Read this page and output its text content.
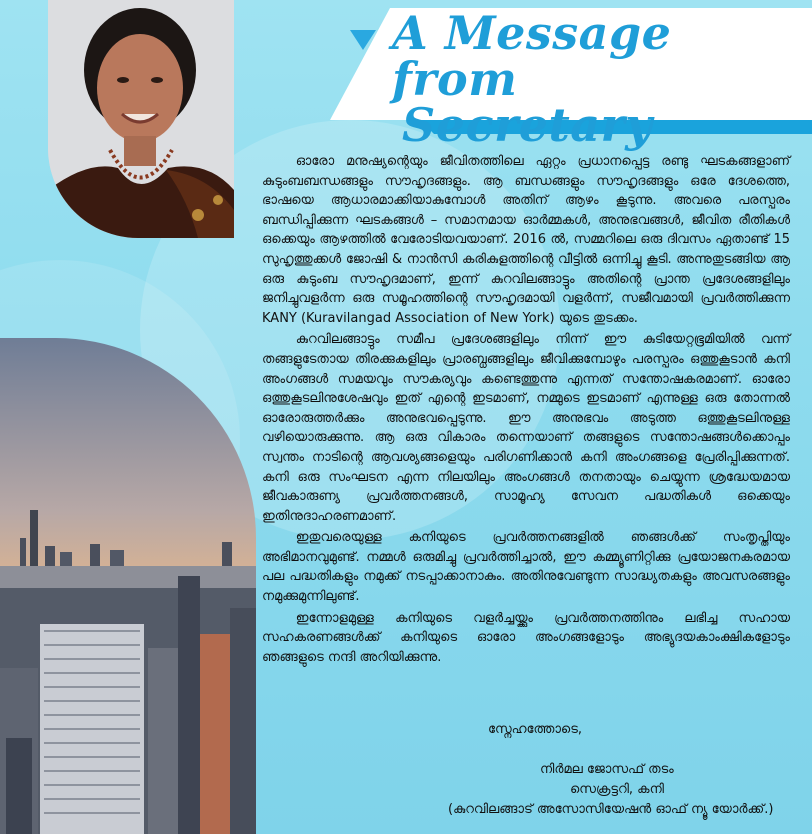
A Message from
Secretary

ഓരോ മനുഷ്യന്റെയും ജീവിതത്തിലെ ഏറ്റം പ്രധാനപ്പെട്ട രണ്ടു ഘടകങ്ങളാണ് കുടുംബബന്ധങ്ങളും സൗഹൃദങ്ങളും. ആ ബന്ധങ്ങളും സൗഹൃദങ്ങളും ഒരേ ദേശത്തെ, ഭാഷയെ ആധാരമാക്കിയാകുമ്പോൾ അതിന് ആഴം കൂടുന്നു. അവരെ പരസ്പരം ബന്ധിപ്പിക്കുന്ന ഘടകങ്ങൾ – സമാനമായ ഓർമ്മകൾ, അനുഭവങ്ങൾ, ജീവിത രീതികൾ ഒക്കെയും ആഴത്തിൽ വേരോടിയവയാണ്. 2016 ൽ, സമ്മറിലെ ഒരു ദിവസം ഏതാണ്ട് 15 സുഹൃത്തുക്കൾ ജോഷി & നാൻസി കരികുളത്തിന്റെ വീട്ടിൽ ഒന്നിച്ചു കൂടി. അന്നുതുടങ്ങിയ ആ ഒരു കുടുംബ സൗഹൃദമാണ്, ഇന്ന് കുറവിലങ്ങാട്ടും അതിന്റെ പ്രാന്ത പ്രദേശങ്ങളിലും ജനിച്ചുവളർന്ന ഒരു സമൂഹത്തിന്റെ സൗഹൃദമായി വളർന്ന്, സജീവമായി പ്രവർത്തിക്കുന്ന KANY (Kuravilangad Association of New York) യുടെ തുടക്കം.

കുറവിലങ്ങാട്ടും സമീപ പ്രദേശങ്ങളിലും നിന്ന് ഈ കുടിയേറ്റഭൂമിയിൽ വന്ന് തങ്ങളുടേതായ തിരക്കുകളിലും പ്രാരബ്ധങ്ങളിലും ജീവിക്കുമ്പോഴും പരസ്പരം ഒത്തുകൂടാൻ കനി അംഗങ്ങൾ സമയവും സൗകര്യവും കണ്ടെത്തുന്നു എന്നത് സന്തോഷകരമാണ്. ഓരോ ഒത്തുകൂടലിനുശേഷവും ഇത് എന്റെ ഇടമാണ്, നമ്മുടെ ഇടമാണ് എന്നുള്ള ഒരു തോന്നൽ ഓരോരുത്തർക്കും അനുഭവപ്പെടുന്നു. ഈ അനുഭവം അടുത്ത ഒത്തുകൂടലിനുള്ള വഴിയൊരുക്കുന്നു. ആ ഒരു വികാരം തന്നെയാണ് തങ്ങളുടെ സന്തോഷങ്ങൾക്കൊപ്പം സ്വന്തം നാടിന്റെ ആവശ്യങ്ങളെയും പരിഗണിക്കാൻ കനി അംഗങ്ങളെ പ്രേരിപ്പിക്കുന്നത്. കനി ഒരു സംഘടന എന്ന നിലയിലും അംഗങ്ങൾ തനതായും ചെയ്യുന്ന ശ്രദ്ധേയമായ ജീവകാരുണ്യ പ്രവർത്തനങ്ങൾ, സാമൂഹ്യ സേവന പദ്ധതികൾ ഒക്കെയും ഇതിനുദാഹരണമാണ്.

ഇതുവരെയുള്ള കനിയുടെ പ്രവർത്തനങ്ങളിൽ ഞങ്ങൾക്ക് സംതൃപ്തിയും അഭിമാനവുമുണ്ട്. നമ്മൾ ഒരുമിച്ചു പ്രവർത്തിച്ചാൽ, ഈ കമ്മ്യൂണിറ്റിക്കു പ്രയോജനകരമായ പല പദ്ധതികളും നമുക്ക് നടപ്പാക്കാനാകും. അതിനുവേണ്ടുന്ന സാദ്ധ്യതകളും അവസരങ്ങളും നമുക്കുമുന്നിലുണ്ട്.

ഇന്നോളമുള്ള കനിയുടെ വളർച്ചയ്ക്കും പ്രവർത്തനത്തിനും ലഭിച്ച സഹായ സഹകരണങ്ങൾക്ക് കനിയുടെ ഓരോ അംഗങ്ങളോടും അഭ്യുദയകാംക്ഷികളോടും ഞങ്ങളുടെ നന്ദി അറിയിക്കുന്നു.

സ്നേഹത്തോടെ,
നിർമല ജോസഫ് തടം
സെക്രട്ടറി, കനി
(കുറവിലങ്ങാട് അസോസിയേഷൻ ഓഫ് ന്യൂ യോർക്ക്.)
